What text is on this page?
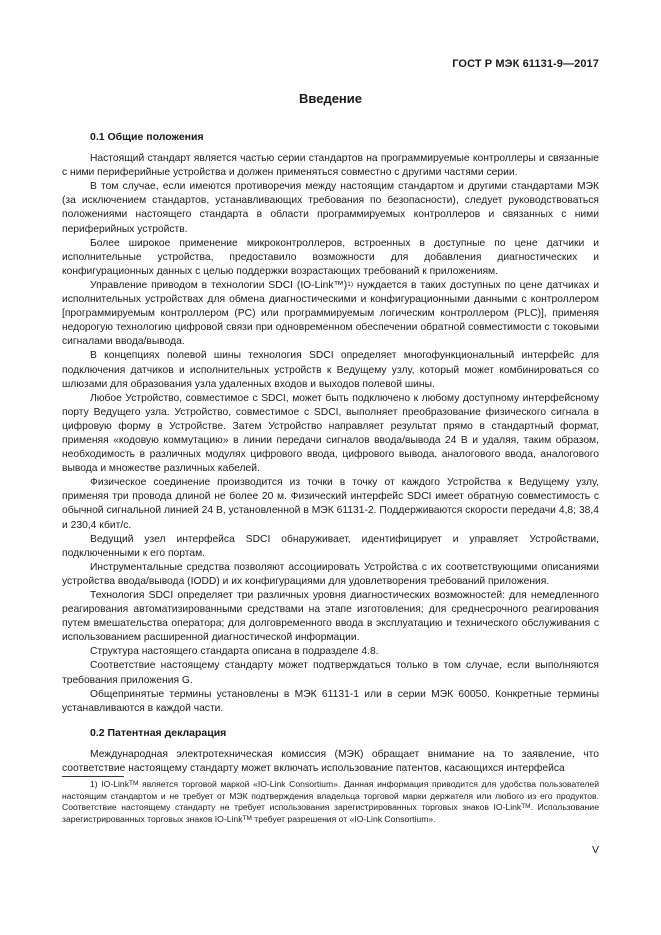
ГОСТ Р МЭК 61131-9—2017
Введение
0.1 Общие положения

Настоящий стандарт является частью серии стандартов на программируемые контроллеры и связанные с ними периферийные устройства и должен применяться совместно с другими частями серии.

В том случае, если имеются противоречия между настоящим стандартом и другими стандартами МЭК (за исключением стандартов, устанавливающих требования по безопасности), следует руководствоваться положениями настоящего стандарта в области программируемых контроллеров и связанных с ними периферийных устройств.

Более широкое применение микроконтроллеров, встроенных в доступные по цене датчики и исполнительные устройства, предоставило возможности для добавления диагностических и конфигурационных данных с целью поддержки возрастающих требований к приложениям.

Управление приводом в технологии SDCI (IO-Link™)$^{1)}$ нуждается в таких доступных по цене датчиках и исполнительных устройствах для обмена диагностическими и конфигурационными данными с контроллером [программируемым контроллером (PC) или программируемым логическим контроллером (PLC)], применяя недорогую технологию цифровой связи при одновременном обеспечении обратной совместимости с токовыми сигналами ввода/вывода.

В концепциях полевой шины технология SDCI определяет многофункциональный интерфейс для подключения датчиков и исполнительных устройств к Ведущему узлу, который может комбинироваться со шлюзами для образования узла удаленных входов и выходов полевой шины.

Любое Устройство, совместимое с SDCI, может быть подключено к любому доступному интерфейсному порту Ведущего узла. Устройство, совместимое с SDCI, выполняет преобразование физического сигнала в цифровую форму в Устройстве. Затем Устройство направляет результат прямо в стандартный формат, применяя «кодовую коммутацию» в линии передачи сигналов ввода/вывода 24 В и удаляя, таким образом, необходимость в различных модулях цифрового ввода, цифрового вывода, аналогового ввода, аналогового вывода и множестве различных кабелей.

Физическое соединение производится из точки в точку от каждого Устройства к Ведущему узлу, применяя три провода длиной не более 20 м. Физический интерфейс SDCI имеет обратную совместимость с обычной сигнальной линией 24 В, установленной в МЭК 61131-2. Поддерживаются скорости передачи 4,8; 38,4 и 230,4 кбит/с.

Ведущий узел интерфейса SDCI обнаруживает, идентифицирует и управляет Устройствами, подключенными к его портам.

Инструментальные средства позволяют ассоциировать Устройства с их соответствующими описаниями устройства ввода/вывода (IODD) и их конфигурациями для удовлетворения требований приложения.

Технология SDCI определяет три различных уровня диагностических возможностей: для немедленного реагирования автоматизированными средствами на этапе изготовления; для среднесрочного реагирования путем вмешательства оператора; для долговременного ввода в эксплуатацию и технического обслуживания с использованием расширенной диагностической информации.

Структура настоящего стандарта описана в подразделе 4.8.

Соответствие настоящему стандарту может подтверждаться только в том случае, если выполняются требования приложения G.

Общепринятые термины установлены в МЭК 61131-1 или в серии МЭК 60050. Конкретные термины устанавливаются в каждой части.

0.2 Патентная декларация

Международная электротехническая комиссия (МЭК) обращает внимание на то заявление, что соответствие настоящему стандарту может включать использование патентов, касающихся интерфейса

1) IO-Link™ является торговой маркой «IO-Link Consortium». Данная информация приводится для удобства пользователей настоящим стандартом и не требует от МЭК подтверждения владельца торговой марки держателя или любого из его продуктов. Соответствие настоящему стандарту не требует использования зарегистрированных торговых знаков IO-Link™. Использование зарегистрированных торговых знаков IO-Link™ требует разрешения от «IO-Link Consortium».

V
